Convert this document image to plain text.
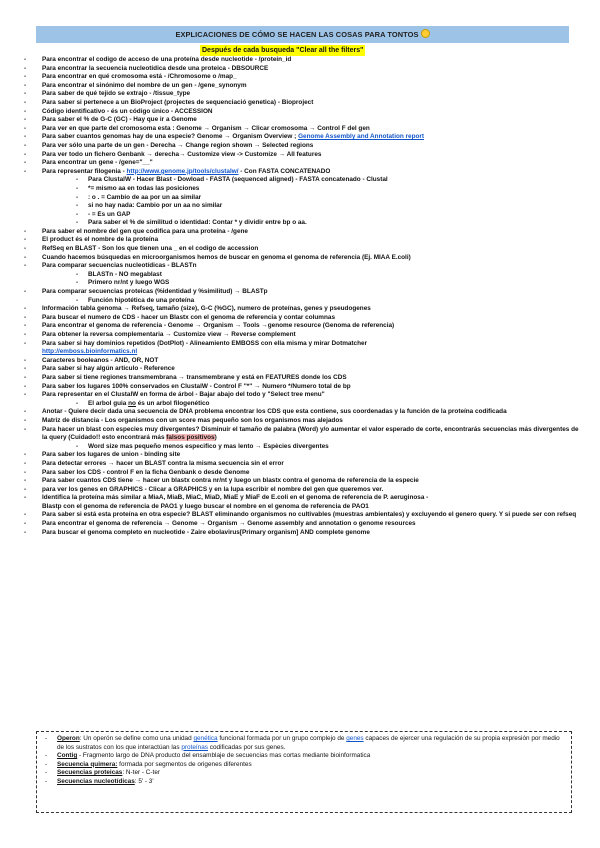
EXPLICACIONES DE CÓMO SE HACEN LAS COSAS PARA TONTOS
Después de cada busqueda "Clear all the filters"
-	Para encontrar el codigo de acceso de una proteína desde nucleotide - /protein_id
-	Para encontrar la secuencia nucleotídica desde una proteica - DBSOURCE
-	Para encontrar en qué cromosoma está - /Chromosome o /map_
-	Para encontrar el sinónimo del nombre de un gen - /gene_synonym
-	Para saber de qué tejido se extrajo - /tissue_type
-	Para saber si pertenece a un BioProject (projectes de sequenciació genetica) - Bioproject
-	Código identificativo - és un código único - ACCESSION
-	Para saber el % de G-C (GC) - Hay que ir a Genome
-	Para ver en que parte del cromosoma esta : Genome → Organism → Clicar cromosoma → Control F del gen
-	Para saber cuantos genomas hay de una especie? Genome → Organism Overview ; Genome Assembly and Annotation report
-	Para ver sólo una parte de un gen - Derecha → Change region shown → Selected regions
-	Para ver todo un fichero Genbank → derecha→ Customize view -> Customize → All features
-	Para encontrar un gene - /gene="__"
-	Para representar filogenia - http://www.genome.jp/tools/clustalw/ - Con FASTA CONCATENADO
-	Para ClustalW - Hacer Blast - Dowload - FASTA (sequenced aligned) - FASTA concatenado - Clustal
-	*= mismo aa en todas las posiciones
-	: o . = Cambio de aa por un aa similar
-	si no hay nada: Cambio por un aa no similar
-	- = És un GAP
-	Para saber el % de similitud o identidad: Contar * y dividir entre bp o aa.
-	Para saber el nombre del gen que codifica para una proteína - /gene
-	El product és el nombre de la proteína
-	RefSeq en BLAST - Son los que tienen una _ en el codigo de accession
-	Cuando hacemos búsquedas en microorganismos hemos de buscar en genoma el genoma de referencia (Ej. MIAA E.coli)
-	Para comparar secuencias nucleotídicas - BLASTn
-	BLASTn - NO megablast
-	Primero nr/nt y luego WGS
-	Para comparar secuencias proteicas (%identidad y %similitud) → BLASTp
-	Función hipotética de una proteína
-	Información tabla genoma → Refseq, tamaño (size), G-C (%GC), numero de proteínas, genes y pseudogenes
-	Para buscar el numero de CDS - hacer un Blastx con el genoma de referencia y contar columnas
-	Para encontrar el genoma de referencia - Genome → Organism → Tools →genome resource (Genoma de referencia)
-	Para obtener la reversa complementaria → Customize view → Reverse complement
-	Para saber si hay dominios repetidos (DotPlot) - Alineamiento EMBOSS con ella misma y mirar Dotmatcher
http://emboss.bioinformatics.nl
-	Caracteres booleanos - AND, OR, NOT
-	Para saber si hay algún articulo - Reference
-	Para saber si tiene regiones transmembrana → transmembrane y está en FEATURES donde los CDS
-	Para saber los lugares 100% conservados en ClustalW - Control F "*" → Numero */Numero total de bp
-	Para representar en el ClustalW en forma de árbol - Bajar abajo del todo y "Select tree menu"
-	El arbol guia no és un arbol filogenético
-	Anotar - Quiere decir dada una secuencia de DNA problema encontrar los CDS que esta contiene, sus coordenadas y la función de la proteína codificada
-	Matriz de distancia - Los organismos con un score mas pequeño son los organismos mas alejados
-	Para hacer un blast con especies muy divergentes? Disminuir el tamaño de palabra (Word) y/o aumentar el valor esperado de corte, encontrarás secuencias más divergentes de la query (Cuidado!! esto encontrará más falsos positivos)
-	Word size mas pequeño menos especifico y mas lento → Espècies divergentes
-	Para saber los lugares de union - binding site
-	Para detectar errores → hacer un BLAST contra la misma secuencia sin el error
-	Para saber los CDS - control F en la ficha Genbank o desde Genome
-	Para saber cuantos CDS tiene → hacer un blastx contra nr/nt y luego un blastx contra el genoma de referencia de la especie
-	para ver los genes en GRAPHICS - Clicar a GRAPHICS y en la lupa escribir el nombre del gen que queremos ver.
-	Identifica la proteína más similar a MiaA, MiaB, MiaC, MiaD, MiaE y MiaF de E.coli en el genoma de referencia de P. aeruginosa -
Blastp con el genoma de referencia de PAO1 y luego buscar el nombre en el genoma de referencia de PAO1
-	Para saber si está esta proteína en otra especie? BLAST eliminando organismos no cultivables (muestras ambientales) y excluyendo el genero query. Y si puede ser con refseq
-	Para encontrar el genoma de referencia → Genome → Organism → Genome assembly and annotation o genome resources
-	Para buscar el genoma completo en nucleotide - Zaire ebolavirus[Primary organism] AND complete genome
-	Operon: Un operón se define como una unidad genética funcional formada por un grupo complejo de genes capaces de ejercer una regulación de su propia expresión por medio de los sustratos con los que interactúan las proteínas codificadas por sus genes.
-	Contig - Fragmento largo de DNA producto del ensamblaje de secuencias mas cortas mediante bioinformatica
-	Secuencia quimera: formada por segmentos de origenes diferentes
-	Secuencias proteicas: N-ter - C-ter
-	Secuencias nucleotídicas: 5' - 3'
